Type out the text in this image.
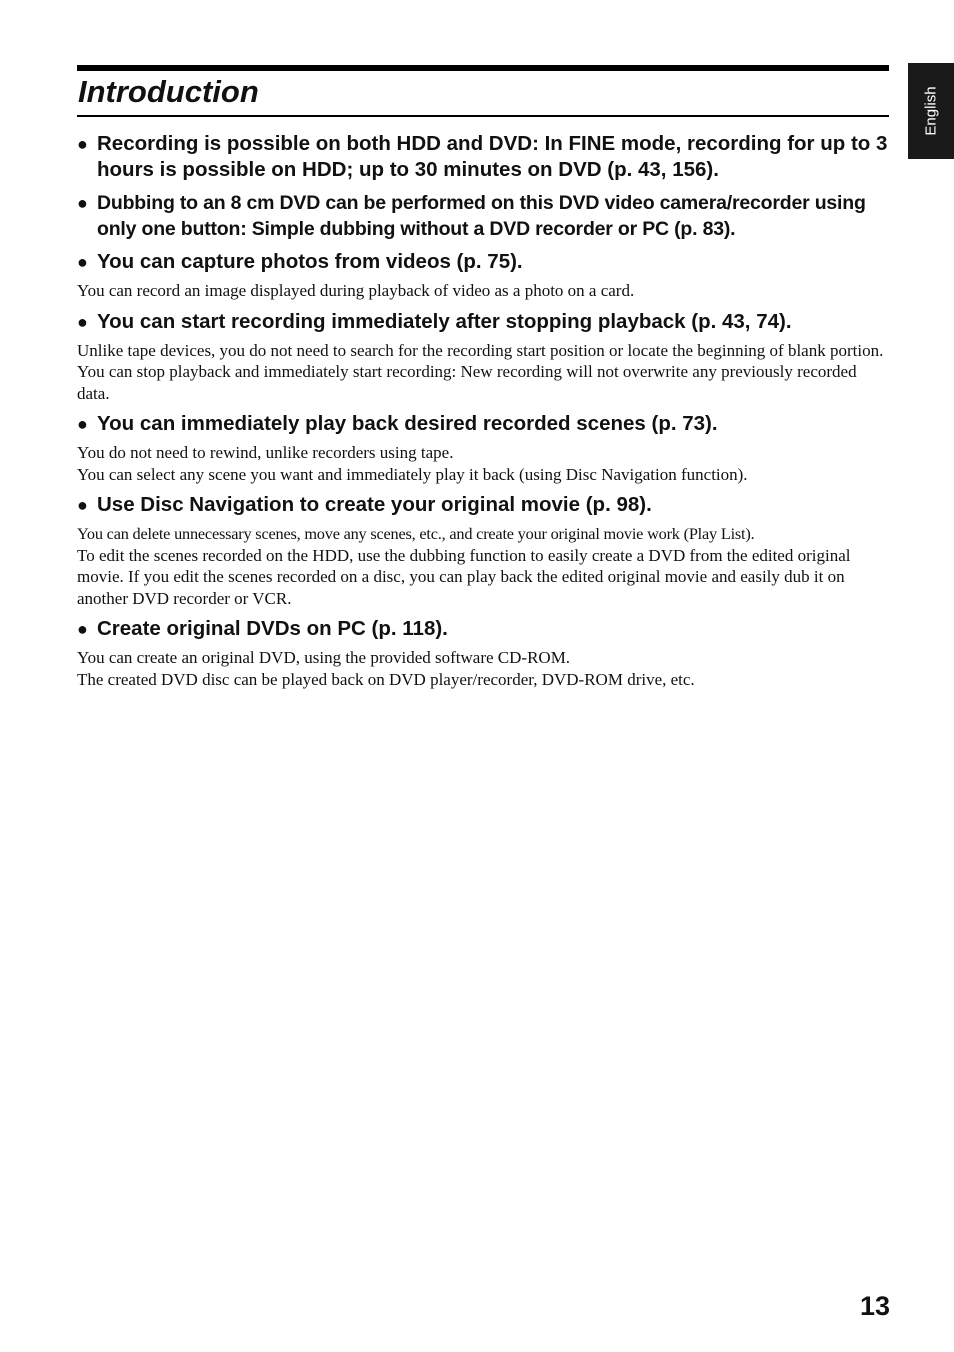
Introduction	English
● Recording is possible on both HDD and DVD: In FINE mode, recording for up to 3 hours is possible on HDD; up to 30 minutes on DVD (p. 43, 156).
● Dubbing to an 8 cm DVD can be performed on this DVD video camera/recorder using only one button: Simple dubbing without a DVD recorder or PC (p. 83).
● You can capture photos from videos (p. 75).

You can record an image displayed during playback of video as a photo on a card.

● You can start recording immediately after stopping playback (p. 43, 74).

Unlike tape devices, you do not need to search for the recording start position or locate the beginning of blank portion.
You can stop playback and immediately start recording: New recording will not overwrite any previously recorded data.

● You can immediately play back desired recorded scenes (p. 73).

You do not need to rewind, unlike recorders using tape.
You can select any scene you want and immediately play it back (using Disc Navigation function).

● Use Disc Navigation to create your original movie (p. 98).

You can delete unnecessary scenes, move any scenes, etc., and create your original movie work (Play List).
To edit the scenes recorded on the HDD, use the dubbing function to easily create a DVD from the edited original movie. If you edit the scenes recorded on a disc, you can play back the edited original movie and easily dub it on another DVD recorder or VCR.

● Create original DVDs on PC (p. 118).

You can create an original DVD, using the provided software CD-ROM.
The created DVD disc can be played back on DVD player/recorder, DVD-ROM drive, etc.

13
